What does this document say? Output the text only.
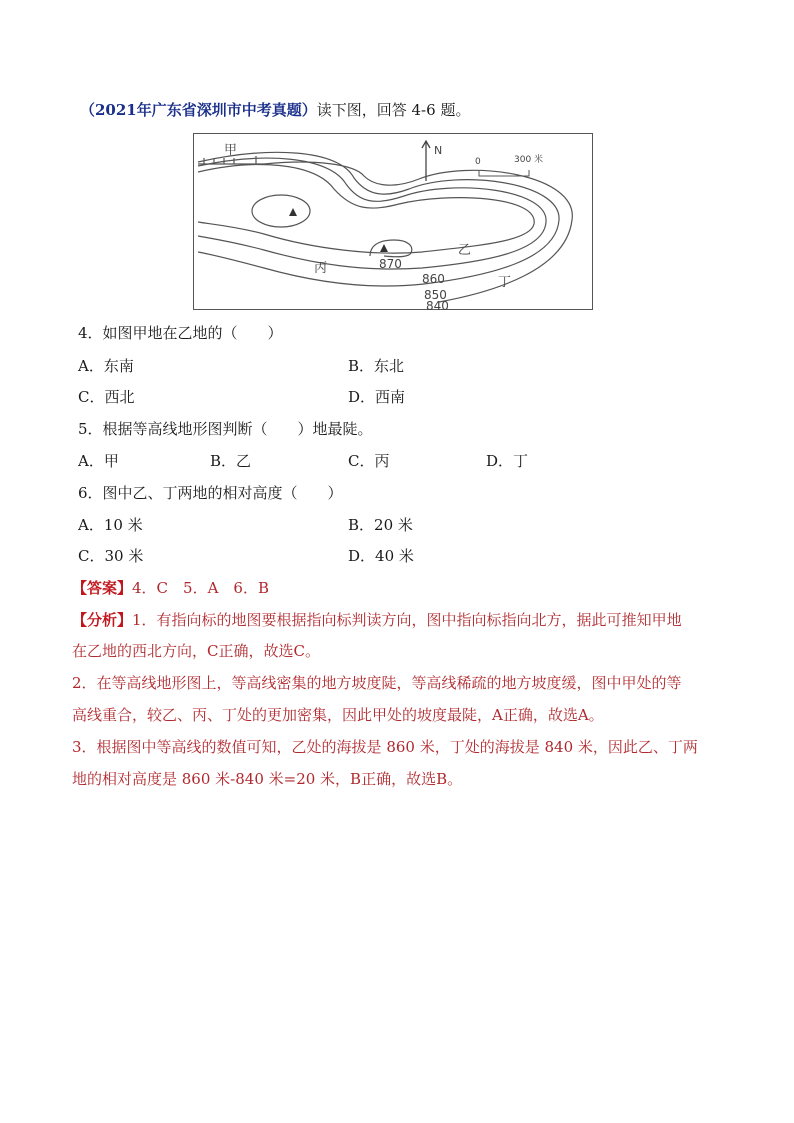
（2021年广东省深圳市中考真题）读下图，回答 4-6 题。
N
0	300 米
甲
乙
丙
丁
870
860
850
840
4．如图甲地在乙地的（　　）
A．东南	B．东北
C．西北	D．西南
5．根据等高线地形图判断（　　）地最陡。
A．甲	B．乙	C．丙	D．丁
6．图中乙、丁两地的相对高度（　　）
A．10 米	B．20 米
C．30 米	D．40 米
【答案】4．C　5．A　6．B
【分析】1．有指向标的地图要根据指向标判读方向，图中指向标指向北方，据此可推知甲地
在乙地的西北方向，C正确，故选C。
2．在等高线地形图上，等高线密集的地方坡度陡，等高线稀疏的地方坡度缓，图中甲处的等
高线重合，较乙、丙、丁处的更加密集，因此甲处的坡度最陡，A正确，故选A。
3．根据图中等高线的数值可知，乙处的海拔是 860 米，丁处的海拔是 840 米，因此乙、丁两
地的相对高度是 860 米-840 米=20 米，B正确，故选B。
